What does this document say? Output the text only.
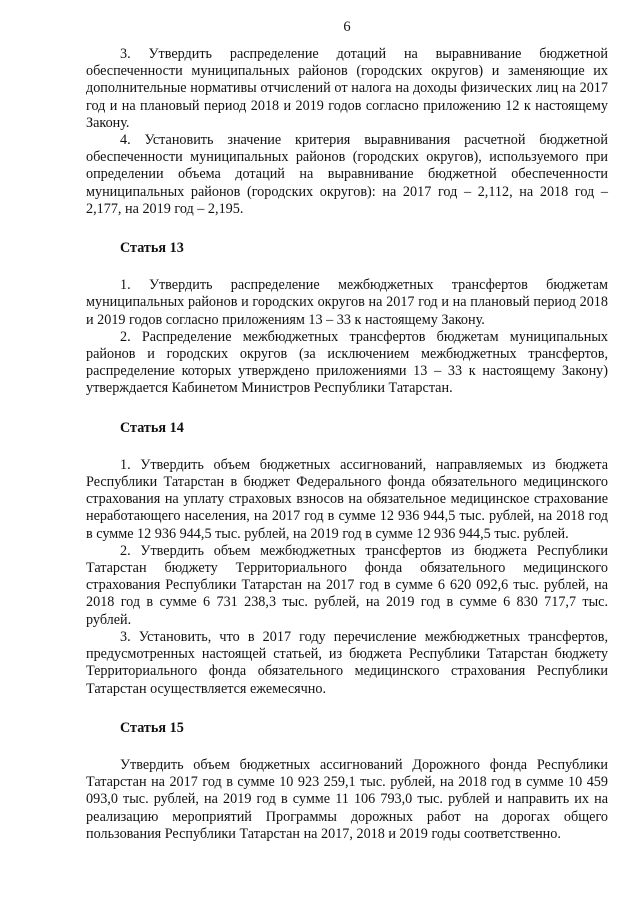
6

3. Утвердить распределение дотаций на выравнивание бюджетной обеспеченности муниципальных районов (городских округов) и заменяющие их дополнительные нормативы отчислений от налога на доходы физических лиц на 2017 год и на плановый период 2018 и 2019 годов согласно приложению 12 к настоящему Закону.

4. Установить значение критерия выравнивания расчетной бюджетной обеспеченности муниципальных районов (городских округов), используемого при определении объема дотаций на выравнивание бюджетной обеспеченности муниципальных районов (городских округов): на 2017 год – 2,112, на 2018 год – 2,177, на 2019 год – 2,195.

Статья 13

1. Утвердить распределение межбюджетных трансфертов бюджетам муниципальных районов и городских округов на 2017 год и на плановый период 2018 и 2019 годов согласно приложениям 13 – 33 к настоящему Закону.

2. Распределение межбюджетных трансфертов бюджетам муниципальных районов и городских округов (за исключением межбюджетных трансфертов, распределение которых утверждено приложениями 13 – 33 к настоящему Закону) утверждается Кабинетом Министров Республики Татарстан.

Статья 14

1. Утвердить объем бюджетных ассигнований, направляемых из бюджета Республики Татарстан в бюджет Федерального фонда обязательного медицинского страхования на уплату страховых взносов на обязательное медицинское страхование неработающего населения, на 2017 год в сумме 12 936 944,5 тыс. рублей, на 2018 год в сумме 12 936 944,5 тыс. рублей, на 2019 год в сумме 12 936 944,5 тыс. рублей.

2. Утвердить объем межбюджетных трансфертов из бюджета Республики Татарстан бюджету Территориального фонда обязательного медицинского страхования Республики Татарстан на 2017 год в сумме 6 620 092,6 тыс. рублей, на 2018 год в сумме 6 731 238,3 тыс. рублей, на 2019 год в сумме 6 830 717,7 тыс. рублей.

3. Установить, что в 2017 году перечисление межбюджетных трансфертов, предусмотренных настоящей статьей, из бюджета Республики Татарстан бюджету Территориального фонда обязательного медицинского страхования Республики Татарстан осуществляется ежемесячно.

Статья 15

Утвердить объем бюджетных ассигнований Дорожного фонда Республики Татарстан на 2017 год в сумме 10 923 259,1 тыс. рублей, на 2018 год в сумме 10 459 093,0 тыс. рублей, на 2019 год в сумме 11 106 793,0 тыс. рублей и направить их на реализацию мероприятий Программы дорожных работ на дорогах общего пользования Республики Татарстан на 2017, 2018 и 2019 годы соответственно.
